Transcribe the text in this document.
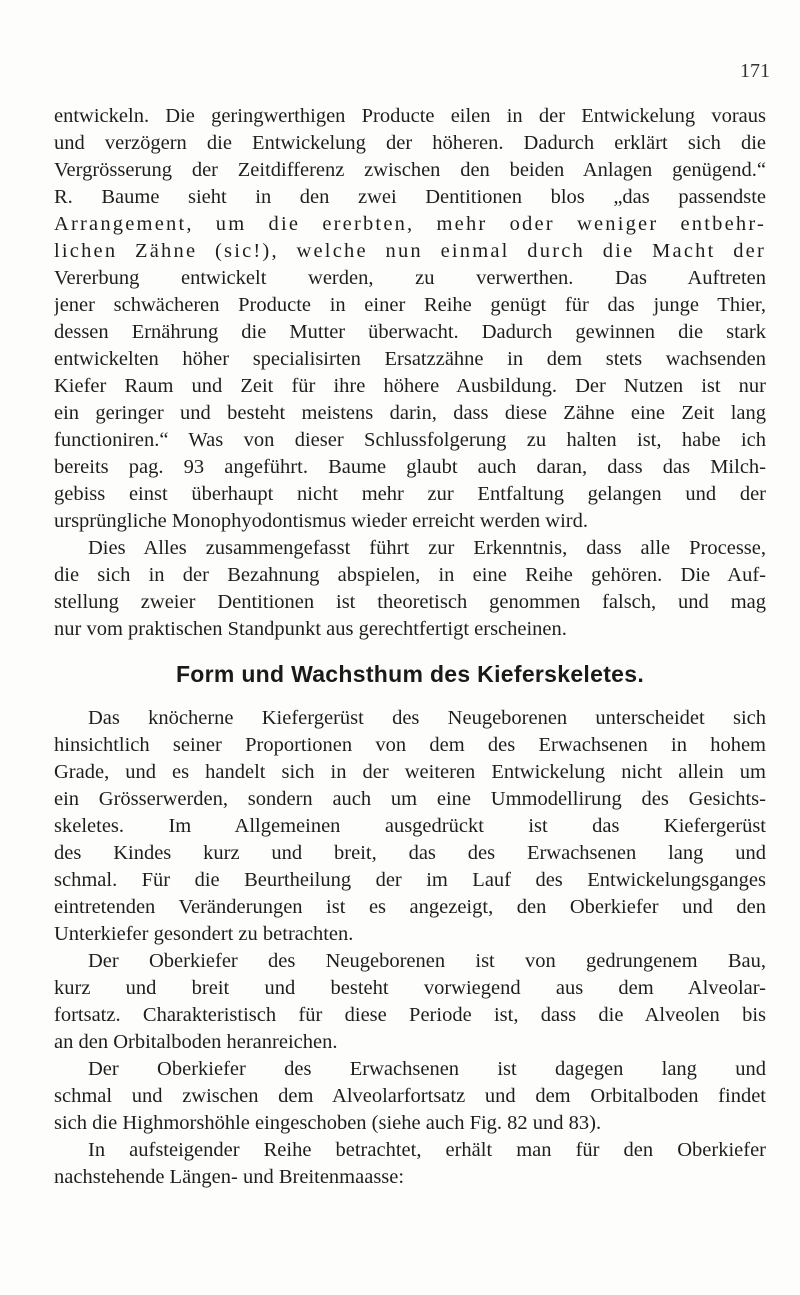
171
entwickeln. Die geringwerthigen Producte eilen in der Entwickelung voraus
und verzögern die Entwickelung der höheren. Dadurch erklärt sich die
Vergrösserung der Zeitdifferenz zwischen den beiden Anlagen genügend.“
R. Baume sieht in den zwei Dentitionen blos „das passendste
Arrangement, um die ererbten, mehr oder weniger entbehr-
lichen Zähne (sic!), welche nun einmal durch die Macht der
Vererbung entwickelt werden, zu verwerthen. Das Auftreten
jener schwächeren Producte in einer Reihe genügt für das junge Thier,
dessen Ernährung die Mutter überwacht. Dadurch gewinnen die stark
entwickelten höher specialisirten Ersatzzähne in dem stets wachsenden
Kiefer Raum und Zeit für ihre höhere Ausbildung. Der Nutzen ist nur
ein geringer und besteht meistens darin, dass diese Zähne eine Zeit lang
functioniren.“ Was von dieser Schlussfolgerung zu halten ist, habe ich
bereits pag. 93 angeführt. Baume glaubt auch daran, dass das Milch-
gebiss einst überhaupt nicht mehr zur Entfaltung gelangen und der
ursprüngliche Monophyodontismus wieder erreicht werden wird.
Dies Alles zusammengefasst führt zur Erkenntnis, dass alle Processe,
die sich in der Bezahnung abspielen, in eine Reihe gehören. Die Auf-
stellung zweier Dentitionen ist theoretisch genommen falsch, und mag
nur vom praktischen Standpunkt aus gerechtfertigt erscheinen.
Form und Wachsthum des Kieferskeletes.
Das knöcherne Kiefergerüst des Neugeborenen unterscheidet sich
hinsichtlich seiner Proportionen von dem des Erwachsenen in hohem
Grade, und es handelt sich in der weiteren Entwickelung nicht allein um
ein Grösserwerden, sondern auch um eine Ummodellirung des Gesichts-
skeletes. Im Allgemeinen ausgedrückt ist das Kiefergerüst
des Kindes kurz und breit, das des Erwachsenen lang und
schmal. Für die Beurtheilung der im Lauf des Entwickelungsganges
eintretenden Veränderungen ist es angezeigt, den Oberkiefer und den
Unterkiefer gesondert zu betrachten.
Der Oberkiefer des Neugeborenen ist von gedrungenem Bau,
kurz und breit und besteht vorwiegend aus dem Alveolar-
fortsatz. Charakteristisch für diese Periode ist, dass die Alveolen bis
an den Orbitalboden heranreichen.
Der Oberkiefer des Erwachsenen ist dagegen lang und
schmal und zwischen dem Alveolarfortsatz und dem Orbitalboden findet
sich die Highmorshöhle eingeschoben (siehe auch Fig. 82 und 83).
In aufsteigender Reihe betrachtet, erhält man für den Oberkiefer
nachstehende Längen- und Breitenmaasse:
